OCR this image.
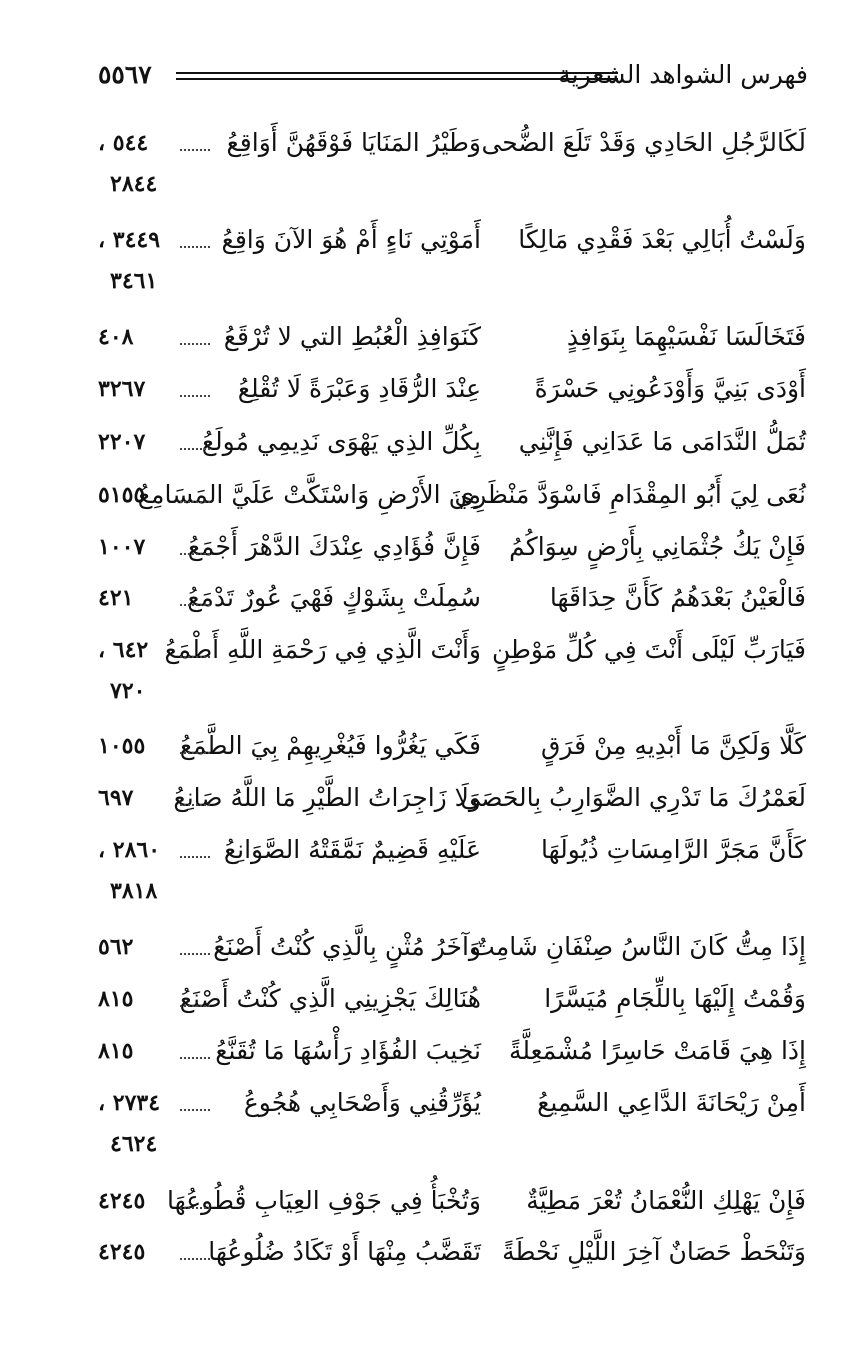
٥٥٦٧	فهرس الشواهد الشعرية
لَكَالرَّجُلِ الحَادِي وَقَدْ تَلَعَ الضُّحى
وَطَيْرُ المَنَايَا فَوْقَهُنَّ أَوَاقِعُ
٥٤٤ ،
٢٨٤٤
وَلَسْتُ أُبَالِي بَعْدَ فَقْدِي مَالِكًا
أَمَوْتِي نَاءٍ أَمْ هُوَ الآنَ وَاقِعُ
٣٤٤٩ ،
٣٤٦١
فَتَخَالَسَا نَفْسَيْهِمَا بِنَوَافِذٍ
كَنَوَافِذِ الْعُبُطِ التي لا تُرْقَعُ
٤٠٨
أَوْدَى بَنِيَّ وَأَوْدَعُونِي حَسْرَةً
عِنْدَ الرُّقَادِ وَعَبْرَةً لَا تُقْلِعُ
٣٢٦٧
تُمَلُّ النَّدَامَى مَا عَدَانِي فَإِنَّنِي
بِكُلِّ الذِي يَهْوَى نَدِيمِي مُولَعُ
٢٢٠٧
نُعَى لِيَ أَبُو المِقْدَامِ فَاسْوَدَّ مَنْظَرِي
مِنَ الأَرْضِ وَاسْتَكَّتْ عَلَيَّ المَسَامِعُ
٥١٥٥
فَإِنْ يَكُ جُثْمَانِي بِأَرْضٍ سِوَاكُمُ
فَإِنَّ فُؤَادِي عِنْدَكَ الدَّهْرَ أَجْمَعُ
١٠٠٧
فَالْعَيْنُ بَعْدَهُمُ كَأَنَّ حِدَاقَهَا
سُمِلَتْ بِشَوْكٍ فَهْيَ عُورٌ تَدْمَعُ
٤٢١
فَيَارَبِّ لَيْلَى أَنْتَ فِي كُلِّ مَوْطِنٍ
وَأَنْتَ الَّذِي فِي رَحْمَةِ اللَّهِ أَطْمَعُ
٦٤٢ ،
٧٢٠
كَلَّا وَلَكِنَّ مَا أَبْدِيهِ مِنْ فَرَقٍ
فَكَي يَغُرُّوا فَيُغْرِيهِمْ بِيَ الطَّمَعُ
١٠٥٥
لَعَمْرُكَ مَا تَدْرِي الضَّوَارِبُ بِالحَصَى
وَلَا زَاجِرَاتُ الطَّيْرِ مَا اللَّهُ صَانِعُ
٦٩٧
كَأَنَّ مَجَرَّ الرَّامِسَاتِ ذُيُولَهَا
عَلَيْهِ قَضِيمٌ نَمَّقَتْهُ الصَّوَانِعُ
٢٨٦٠ ،
٣٨١٨
إِذَا مِتُّ كَانَ النَّاسُ صِنْفَانِ شَامِتٌ
وَآخَرُ مُثْنٍ بِالَّذِي كُنْتُ أَصْنَعُ
٥٦٢
وَقُمْتُ إِلَيْهَا بِاللِّجَامِ مُيَسَّرًا
هُنَالِكَ يَجْزِينِي الَّذِي كُنْتُ أَصْنَعُ
٨١٥
إِذَا هِيَ قَامَتْ حَاسِرًا مُشْمَعِلَّةً
نَخِيبَ الفُؤَادِ رَأْسُهَا مَا تُقَنَّعُ
٨١٥
أَمِنْ رَيْحَانَةَ الدَّاعِي السَّمِيعُ
يُؤَرِّقُنِي وَأَصْحَابِي هُجُوعُ
٢٧٣٤ ،
٤٦٢٤
فَإِنْ يَهْلِكِ النُّعْمَانُ تُعْرَ مَطِيَّةٌ
وَتُخْبَأُ فِي جَوْفِ العِيَابِ قُطُوعُهَا
٤٢٤٥
وَتَنْحَطْ حَصَانٌ آخِرَ اللَّيْلِ نَحْطَةً
تَقَضَّبُ مِنْهَا أَوْ تَكَادُ ضُلُوعُهَا
٤٢٤٥
